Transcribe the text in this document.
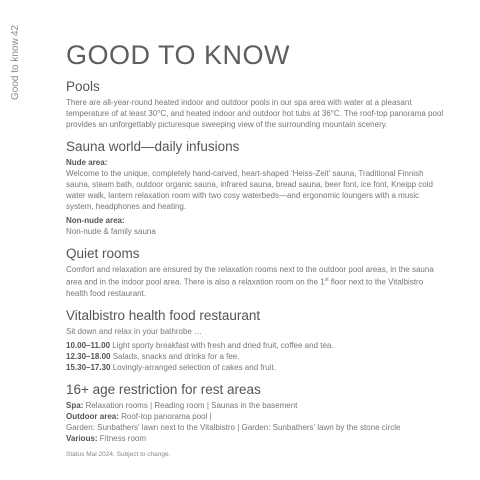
42
Good to know GOOD TO KNOW
Pools

There are all-year-round heated indoor and outdoor pools in our spa area with water at a pleasant temperature of at least 30°C, and heated indoor and outdoor hot tubs at 36°C. The roof-top panorama pool provides an unforgettably picturesque sweeping view of the surrounding mountain scenery.

Sauna world—daily infusions
Nude area:

Welcome to the unique, completely hand-carved, heart-shaped ‘Heiss-Zeit’ sauna, Traditional Finnish sauna, steam bath, outdoor organic sauna, infrared sauna, bread sauna, beer font, ice font, Kneipp cold water walk, lantern relaxation room with two cosy waterbeds—and ergonomic loungers with a music system, headphones and heating.

Non-nude area:

Non-nude & family sauna

Quiet rooms

Comfort and relaxation are ensured by the relaxation rooms next to the outdoor pool areas, in the sauna area and in the indoor pool area. There is also a relaxation room on the 1st floor next to the Vitalbistro health food restaurant.

Vitalbistro health food restaurant

Sit down and relax in your bathrobe …

10.00–11.00 Light sporty breakfast with fresh and dried fruit, coffee and tea.

12.30–18.00 Salads, snacks and drinks for a fee.

15.30–17.30 Lovingly-arranged selection of cakes and fruit.

16+ age restriction for rest areas

Spa: Relaxation rooms | Reading room | Saunas in the basement

Outdoor area: Roof-top panorama pool |

Garden: Sunbathers’ lawn next to the Vitalbistro | Garden: Sunbathers’ lawn by the stone circle

Various: Fitness room

Status Mai 2024. Subject to change.
